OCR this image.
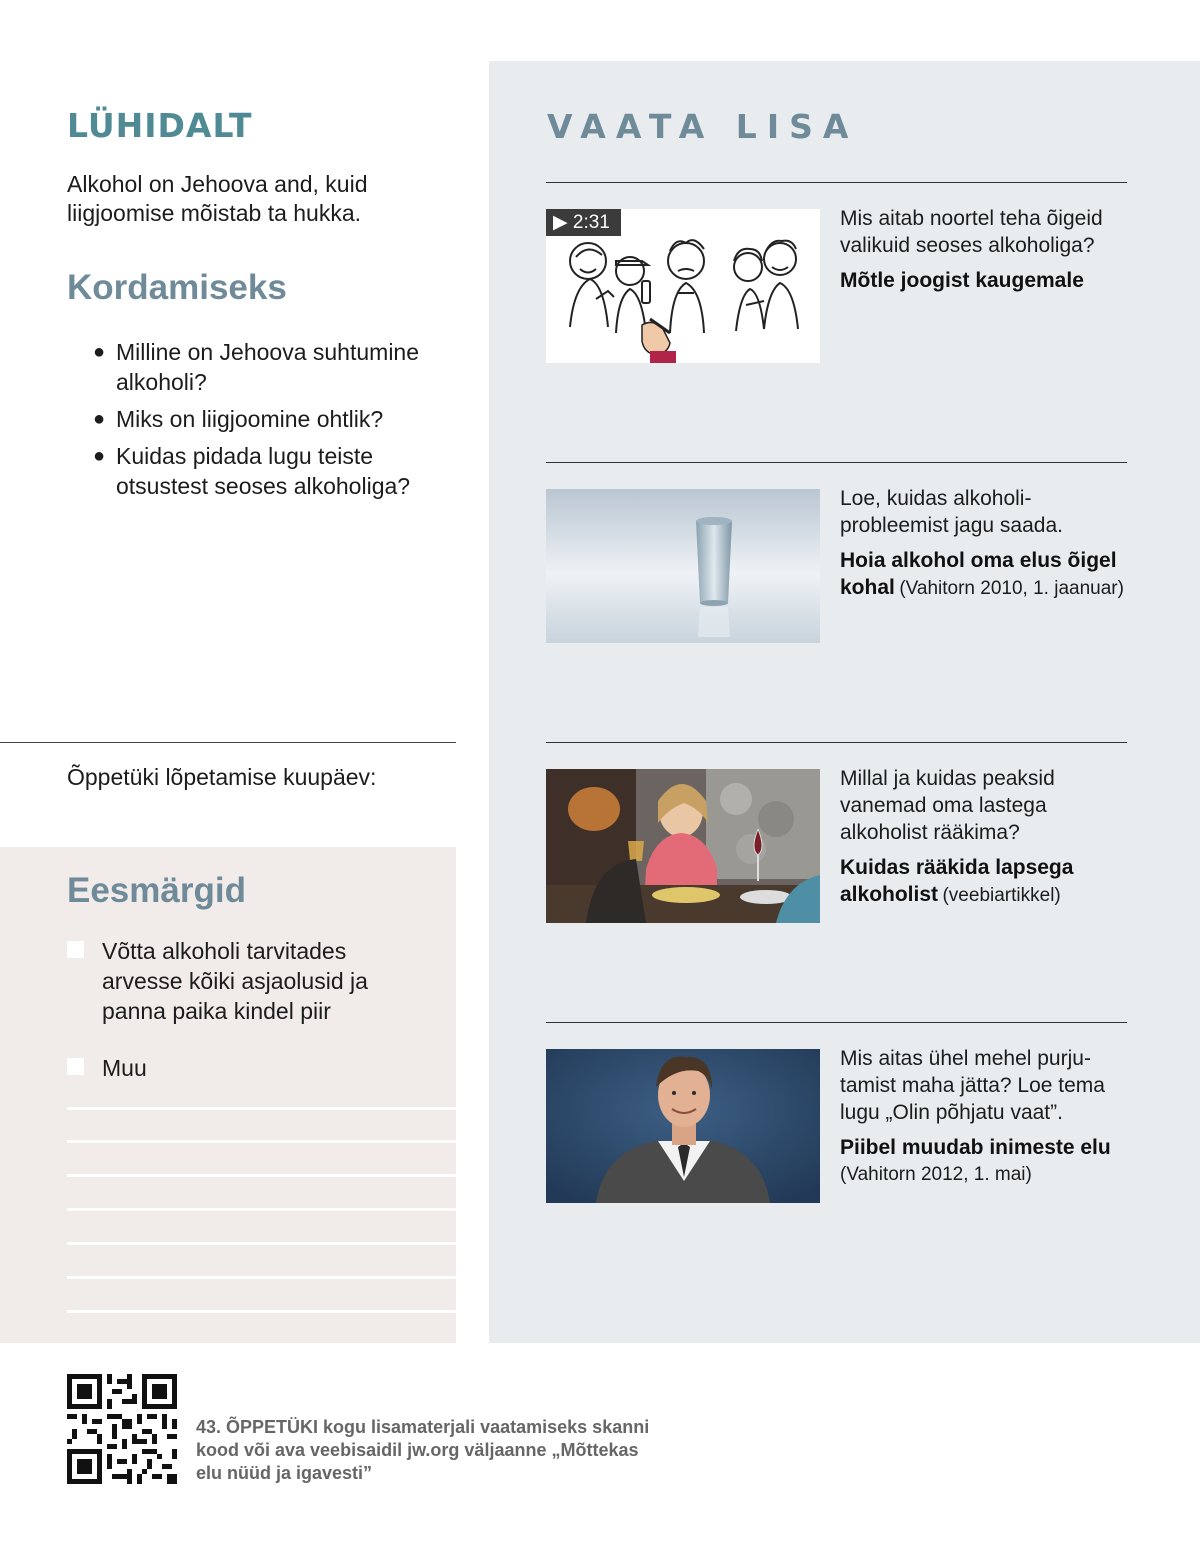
LÜHIDALT

Alkohol on Jehoova and, kuid liigjoomise mõistab ta hukka.

Kordamiseks
● Milline on Jehoova suhtumine alkoholi?
● Miks on liigjoomine ohtlik?
● Kuidas pidada lugu teiste otsustest seoses alkoholiga?
Õppetüki lõpetamise kuupäev:
Eesmärgid
Võtta alkoholi tarvitades arvesse kõiki asjaolusid ja panna paika kindel piir
Muu
VAATA LISA
▶ 2:31	Mis aitab noortel teha õigeid valikuid seoses alkoholiga?
Mõtle joogist kaugemale
Loe, kuidas alkoholi-probleemist jagu saada.
Hoia alkohol oma elus õigel kohal (Vahitorn 2010, 1. jaanuar)
Millal ja kuidas peaksid vanemad oma lastega alkoholist rääkima?
Kuidas rääkida lapsega alkoholist (veebiartikkel)
Mis aitas ühel mehel purju-tamist maha jätta? Loe tema lugu „Olin põhjatu vaat”.
Piibel muudab inimeste elu (Vahitorn 2012, 1. mai)

43. ÕPPETÜKI kogu lisamaterjali vaatamiseks skanni kood või ava veebisaidil jw.org väljaanne „Mõttekas elu nüüd ja igavesti”
